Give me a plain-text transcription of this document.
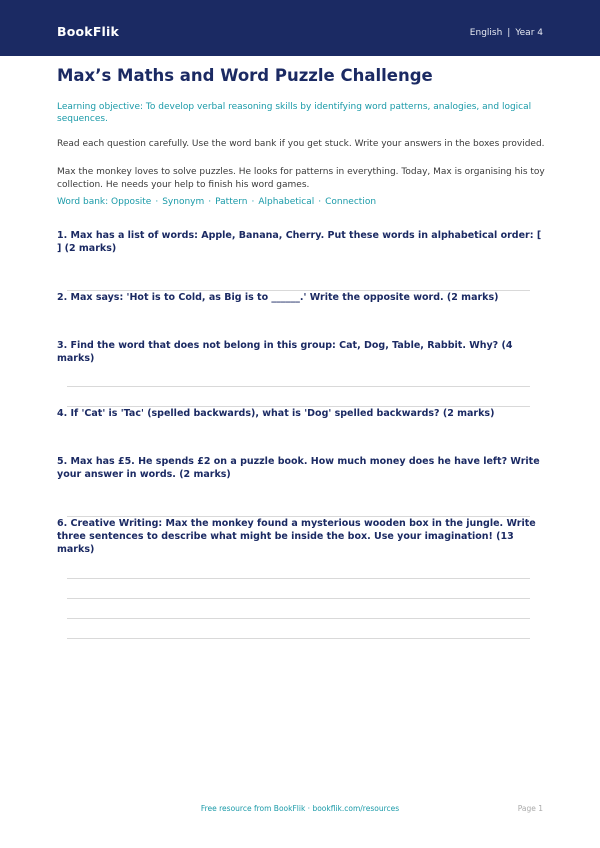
BookFlik	English | Year 4
Max’s Maths and Word Puzzle Challenge

Learning objective: To develop verbal reasoning skills by identifying word patterns, analogies, and logical sequences.

Read each question carefully. Use the word bank if you get stuck. Write your answers in the boxes provided.

Max the monkey loves to solve puzzles. He looks for patterns in everything. Today, Max is organising his toy collection. He needs your help to finish his word games.

Word bank: Opposite · Synonym · Pattern · Alphabetical · Connection

1. Max has a list of words: Apple, Banana, Cherry. Put these words in alphabetical order: [ ] (2 marks)

2. Max says: 'Hot is to Cold, as Big is to ______.' Write the opposite word. (2 marks)

3. Find the word that does not belong in this group: Cat, Dog, Table, Rabbit. Why? (4 marks)

4. If 'Cat' is 'Tac' (spelled backwards), what is 'Dog' spelled backwards? (2 marks)

5. Max has £5. He spends £2 on a puzzle book. How much money does he have left? Write your answer in words. (2 marks)

6. Creative Writing: Max the monkey found a mysterious wooden box in the jungle. Write three sentences to describe what might be inside the box. Use your imagination! (13 marks)

Free resource from BookFlik · bookflik.com/resources	Page 1
